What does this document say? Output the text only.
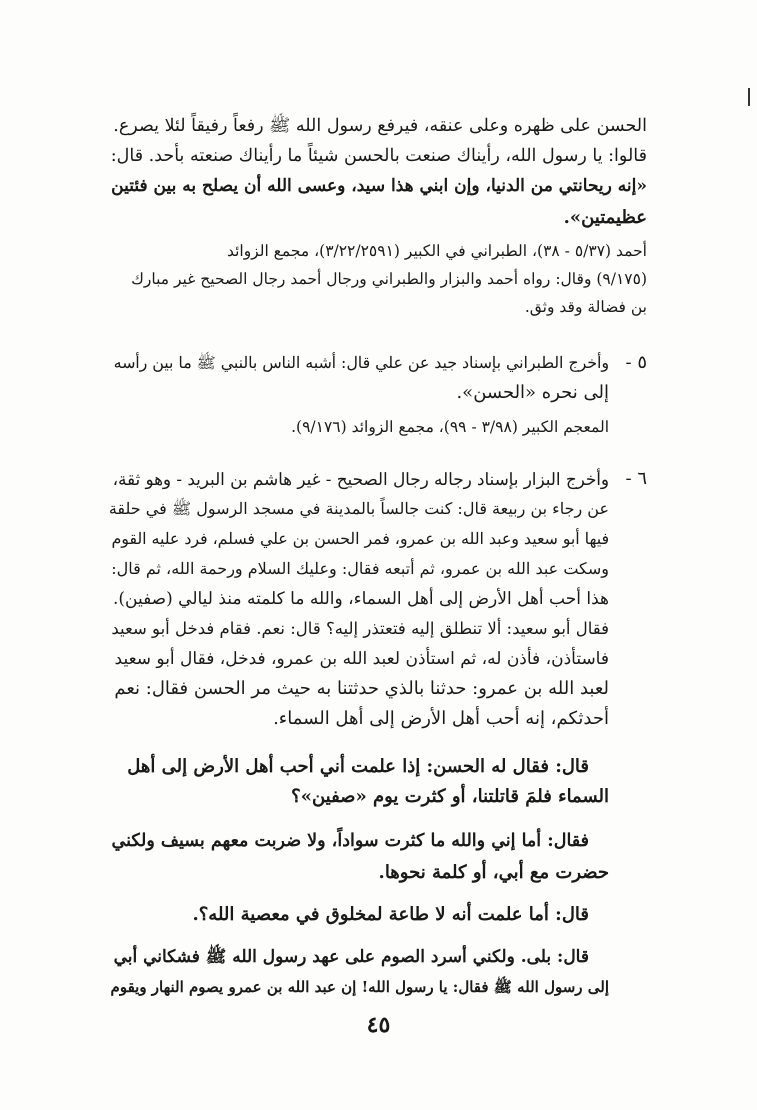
الحسن على ظهره وعلى عنقه، فيرفع رسول الله ﷺ رفعاً رفيقاً لئلا يصرع.
قالوا: يا رسول الله، رأيناك صنعت بالحسن شيئاً ما رأيناك صنعته بأحد. قال:
«إنه ريحانتي من الدنيا، وإن ابني هذا سيد، وعسى الله أن يصلح به بين فئتين
عظيمتين».
أحمد (٥/٣٧ - ٣٨)، الطبراني في الكبير (٣/٢٢/٢٥٩١)، مجمع الزوائد
(٩/١٧٥) وقال: رواه أحمد والبزار والطبراني ورجال أحمد رجال الصحيح غير مبارك
بن فضالة وقد وثق.
٥ -
وأخرج الطبراني بإسناد جيد عن علي قال: أشبه الناس بالنبي ﷺ ما بين رأسه
إلى نحره «الحسن».
المعجم الكبير (٣/٩٨ - ٩٩)، مجمع الزوائد (٩/١٧٦).
٦ -
وأخرج البزار بإسناد رجاله رجال الصحيح - غير هاشم بن البريد - وهو ثقة،
عن رجاء بن ربيعة قال: كنت جالساً بالمدينة في مسجد الرسول ﷺ في حلقة
فيها أبو سعيد وعبد الله بن عمرو، فمر الحسن بن علي فسلم، فرد عليه القوم
وسكت عبد الله بن عمرو، ثم أتبعه فقال: وعليك السلام ورحمة الله، ثم قال:
هذا أحب أهل الأرض إلى أهل السماء، والله ما كلمته منذ ليالي (صفين).
فقال أبو سعيد: ألا تنطلق إليه فتعتذر إليه؟ قال: نعم. فقام فدخل أبو سعيد
فاستأذن، فأذن له، ثم استأذن لعبد الله بن عمرو، فدخل، فقال أبو سعيد
لعبد الله بن عمرو: حدثنا بالذي حدثتنا به حيث مر الحسن فقال: نعم
أحدثكم، إنه أحب أهل الأرض إلى أهل السماء.
قال: فقال له الحسن: إذا علمت أني أحب أهل الأرض إلى أهل
السماء فلمَ قاتلتنا، أو كثرت يوم «صفين»؟
فقال: أما إني والله ما كثرت سواداً، ولا ضربت معهم بسيف ولكني
حضرت مع أبي، أو كلمة نحوها.
قال: أما علمت أنه لا طاعة لمخلوق في معصية الله؟.
قال: بلى. ولكني أسرد الصوم على عهد رسول الله ﷺ فشكاني أبي
إلى رسول الله ﷺ فقال: يا رسول الله! إن عبد الله بن عمرو يصوم النهار ويقوم
٤٥
